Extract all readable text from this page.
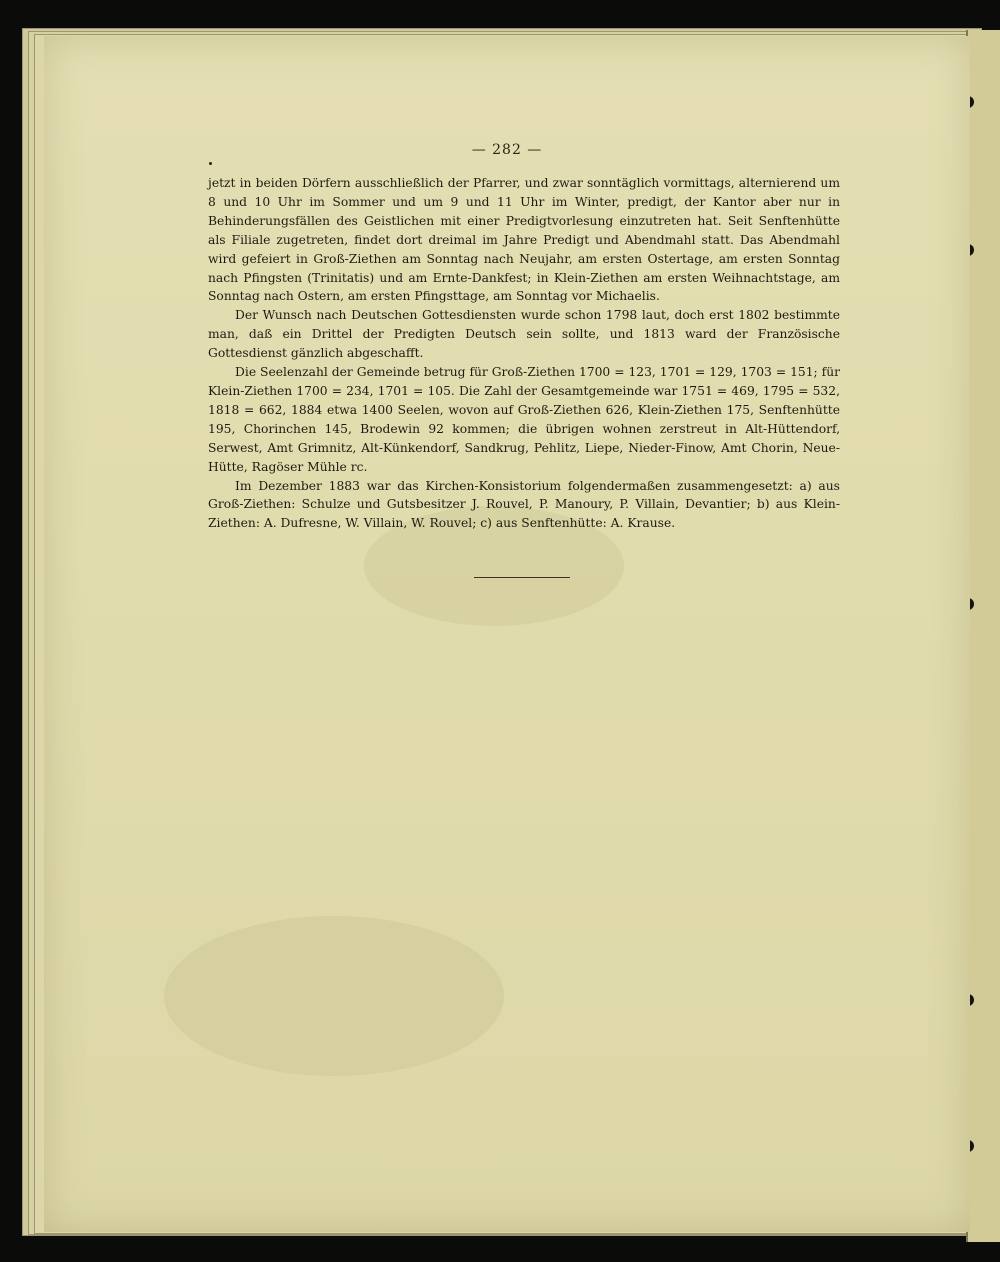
— 282 —

jetzt in beiden Dörfern ausschließlich der Pfarrer, und zwar sonntäglich vormittags, alternierend um 8 und 10 Uhr im Sommer und um 9 und 11 Uhr im Winter, predigt, der Kantor aber nur in Behinderungsfällen des Geistlichen mit einer Predigtvorlesung einzutreten hat. Seit Senftenhütte als Filiale zugetreten, findet dort dreimal im Jahre Predigt und Abendmahl statt. Das Abendmahl wird gefeiert in Groß-Ziethen am Sonntag nach Neujahr, am ersten Ostertage, am ersten Sonntag nach Pfingsten (Trinitatis) und am Ernte-Dankfest; in Klein-Ziethen am ersten Weihnachtstage, am Sonntag nach Ostern, am ersten Pfingsttage, am Sonntag vor Michaelis.

Der Wunsch nach Deutschen Gottesdiensten wurde schon 1798 laut, doch erst 1802 bestimmte man, daß ein Drittel der Predigten Deutsch sein sollte, und 1813 ward der Französische Gottesdienst gänzlich abgeschafft.

Die Seelenzahl der Gemeinde betrug für Groß-Ziethen 1700 = 123, 1701 = 129, 1703 = 151; für Klein-Ziethen 1700 = 234, 1701 = 105. Die Zahl der Gesamtgemeinde war 1751 = 469, 1795 = 532, 1818 = 662, 1884 etwa 1400 Seelen, wovon auf Groß-Ziethen 626, Klein-Ziethen 175, Senftenhütte 195, Chorinchen 145, Brodewin 92 kommen; die übrigen wohnen zerstreut in Alt-Hüttendorf, Serwest, Amt Grimnitz, Alt-Künkendorf, Sandkrug, Pehlitz, Liepe, Nieder-Finow, Amt Chorin, Neue-Hütte, Ragöser Mühle rc.

Im Dezember 1883 war das Kirchen-Konsistorium folgendermaßen zusammengesetzt: a) aus Groß-Ziethen: Schulze und Gutsbesitzer J. Rouvel, P. Manoury, P. Villain, Devantier; b) aus Klein-Ziethen: A. Dufresne, W. Villain, W. Rouvel; c) aus Senftenhütte: A. Krause.
